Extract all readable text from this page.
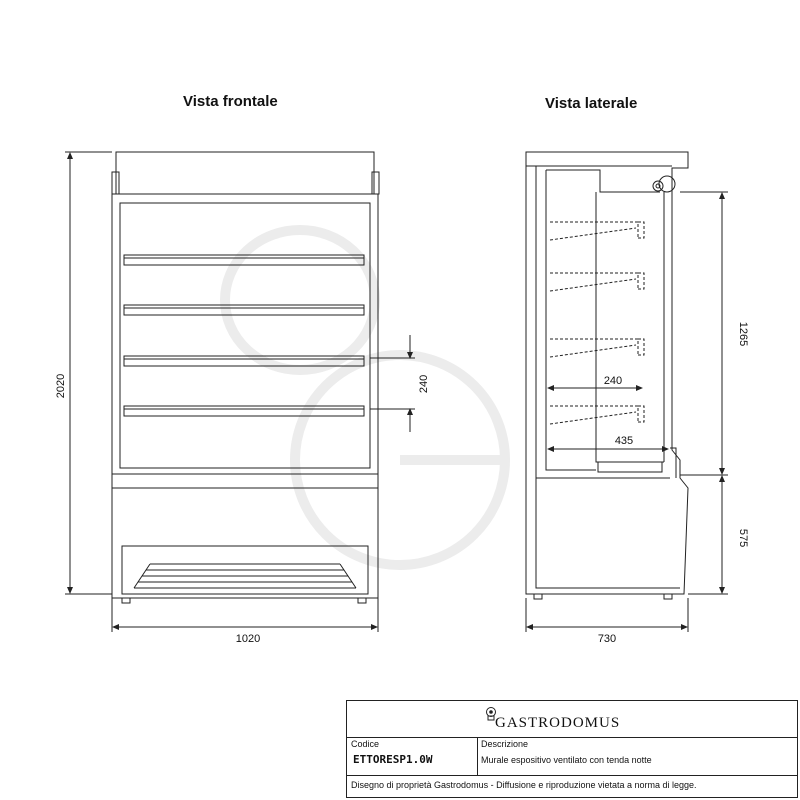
Vista frontale	Vista laterale
2020
1020
240
1265
575
730
240
435
GASTRODOMUS
Codice
ETTORESP1.0W
Descrizione
Murale espositivo ventilato con tenda notte
Disegno di proprietà Gastrodomus - Diffusione e riproduzione vietata a norma di legge.
